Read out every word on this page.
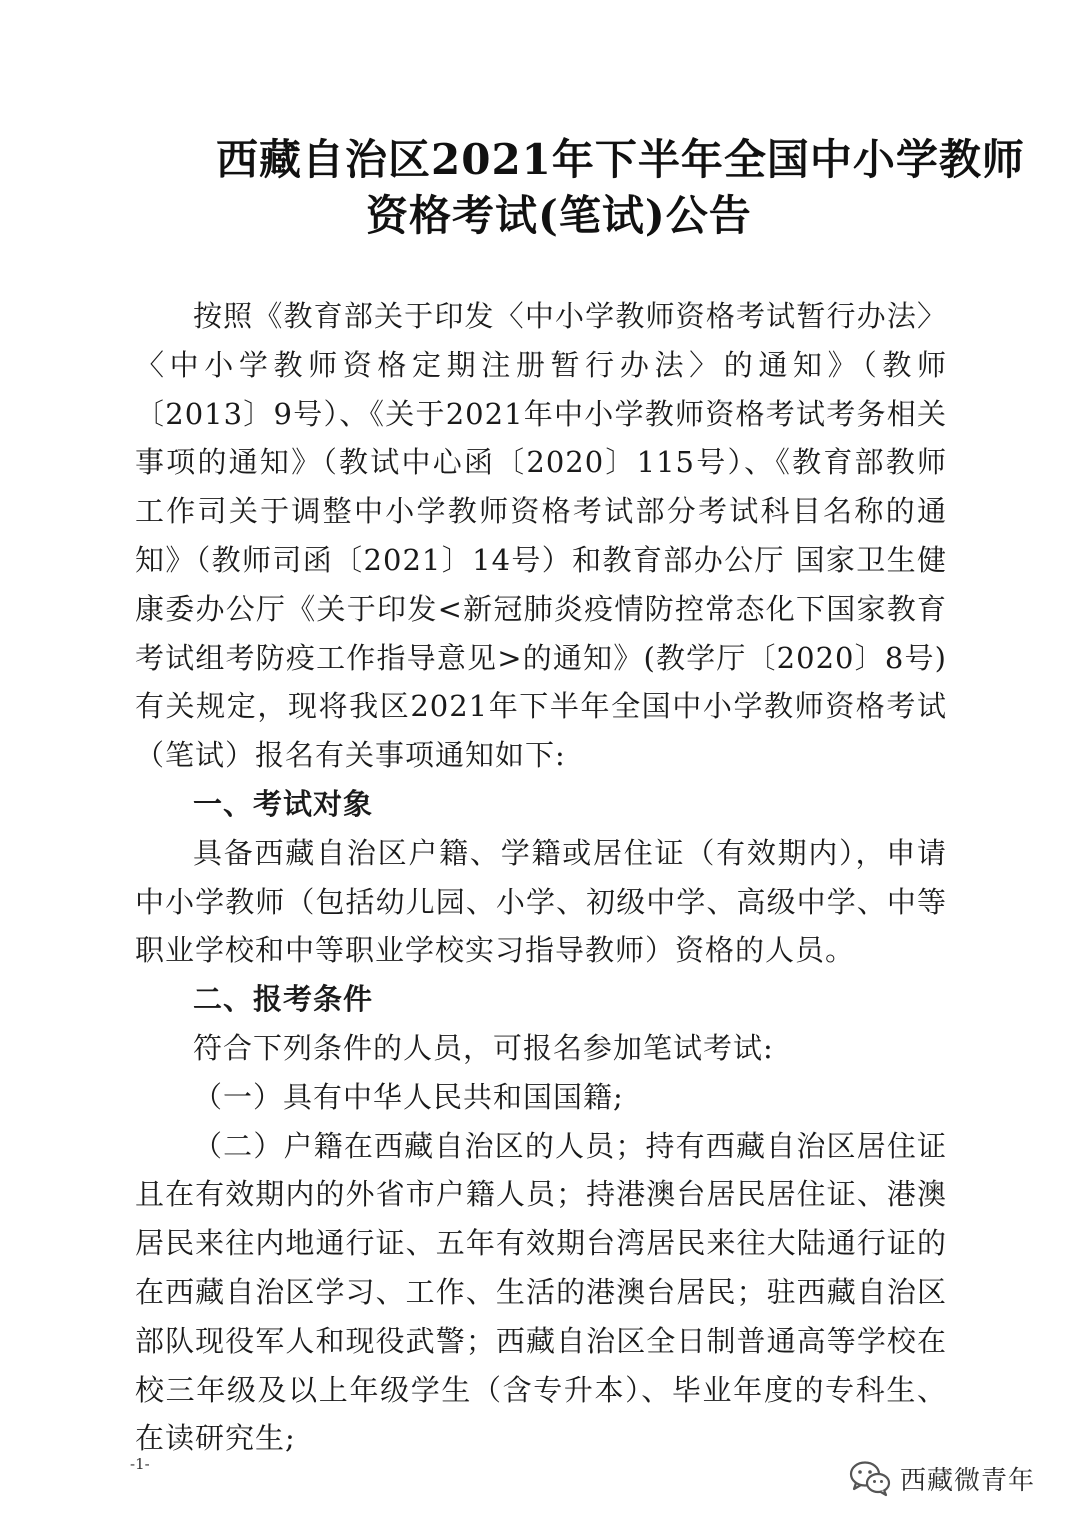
西藏自治区2021年下半年全国中小学教师
资格考试(笔试)公告

按照《教育部关于印发〈中小学教师资格考试暂行办法〉〈中小学教师资格定期注册暂行办法〉的通知》（教师〔2013〕9号）、《关于2021年中小学教师资格考试考务相关事项的通知》（教试中心函〔2020〕115号）、《教育部教师工作司关于调整中小学教师资格考试部分考试科目名称的通知》（教师司函〔2021〕14号）和教育部办公厅 国家卫生健康委办公厅《关于印发<新冠肺炎疫情防控常态化下国家教育考试组考防疫工作指导意见>的通知》(教学厅〔2020〕8号)有关规定，现将我区2021年下半年全国中小学教师资格考试（笔试）报名有关事项通知如下:

一、考试对象

具备西藏自治区户籍、学籍或居住证（有效期内），申请中小学教师（包括幼儿园、小学、初级中学、高级中学、中等职业学校和中等职业学校实习指导教师）资格的人员。

二、报考条件

符合下列条件的人员，可报名参加笔试考试:

（一）具有中华人民共和国国籍;

（二）户籍在西藏自治区的人员；持有西藏自治区居住证且在有效期内的外省市户籍人员；持港澳台居民居住证、港澳居民来往内地通行证、五年有效期台湾居民来往大陆通行证的在西藏自治区学习、工作、生活的港澳台居民；驻西藏自治区部队现役军人和现役武警；西藏自治区全日制普通高等学校在校三年级及以上年级学生（含专升本）、毕业年度的专科生、在读研究生;

-1-
西藏微青年
